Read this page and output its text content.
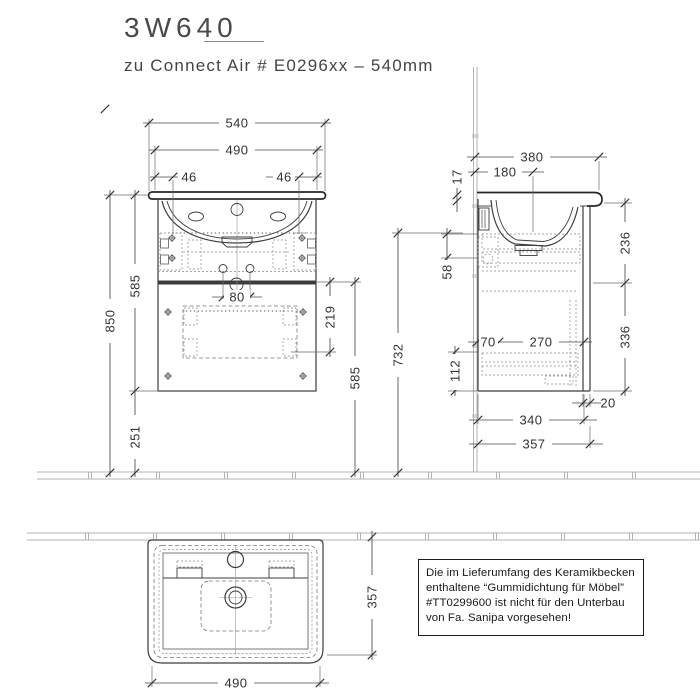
3W640
zu Connect Air # E0296xx – 540mm
540
490
46	46
850
585
251
219
585
80
380
180
17
236
336
58
732
70	270
112
20
340
357
357
490
Die im Lieferumfang des Keramikbecken
enthaltene “Gummidichtung für Möbel”
#TT0299600 ist nicht für den Unterbau
von Fa. Sanipa vorgesehen!
